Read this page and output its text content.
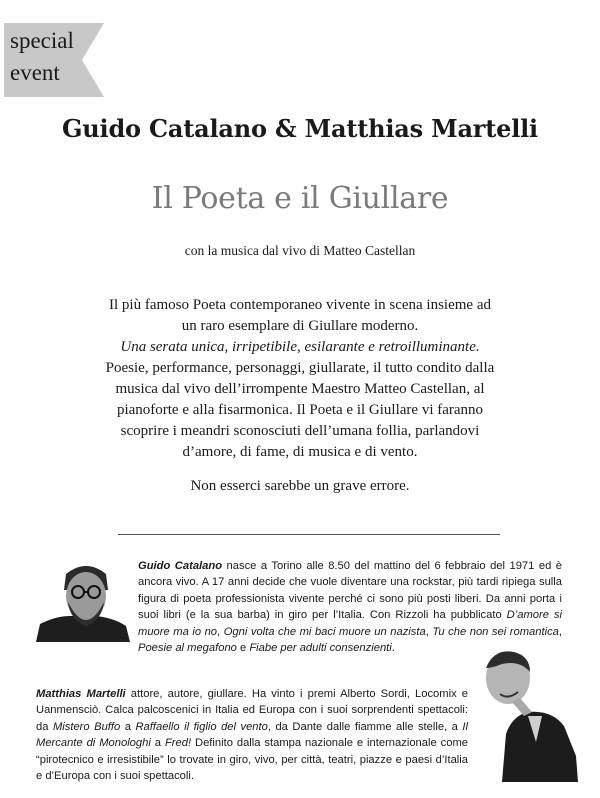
special
event
Guido Catalano & Matthias Martelli
Il Poeta e il Giullare
con la musica dal vivo di Matteo Castellan

Il più famoso Poeta contemporaneo vivente in scena insieme ad

un raro esemplare di Giullare moderno.

Una serata unica, irripetibile, esilarante e retroilluminante.

Poesie, performance, personaggi, giullarate, il tutto condito dalla

musica dal vivo dell’irrompente Maestro Matteo Castellan, al

pianoforte e alla fisarmonica. Il Poeta e il Giullare vi faranno

scoprire i meandri sconosciuti dell’umana follia, parlandovi

d’amore, di fame, di musica e di vento.

Non esserci sarebbe un grave errore.
Guido Catalano nasce a Torino alle 8.50 del mattino del 6 febbraio del 1971 ed è ancora vivo. A 17 anni decide che vuole diventare una rockstar, più tardi ripiega sulla figura di poeta professionista vivente perché ci sono più posti liberi. Da anni porta i suoi libri (e la sua barba) in giro per l’Italia. Con Rizzoli ha pubblicato D’amore si muore ma io no, Ogni volta che mi baci muore un nazista, Tu che non sei romantica, Poesie al megafono e Fiabe per adulti consenzienti.
Matthias Martelli attore, autore, giullare. Ha vinto i premi Alberto Sordi, Locomix e Uanmensciò. Calca palcoscenici in Italia ed Europa con i suoi sorprendenti spettacoli: da Mistero Buffo a Raffaello il figlio del vento, da Dante dalle fiamme alle stelle, a Il Mercante di Monologhi a Fred! Definito dalla stampa nazionale e internazionale come “pirotecnico e irresistibile” lo trovate in giro, vivo, per città, teatri, piazze e paesi d’Italia e d’Europa con i suoi spettacoli.
